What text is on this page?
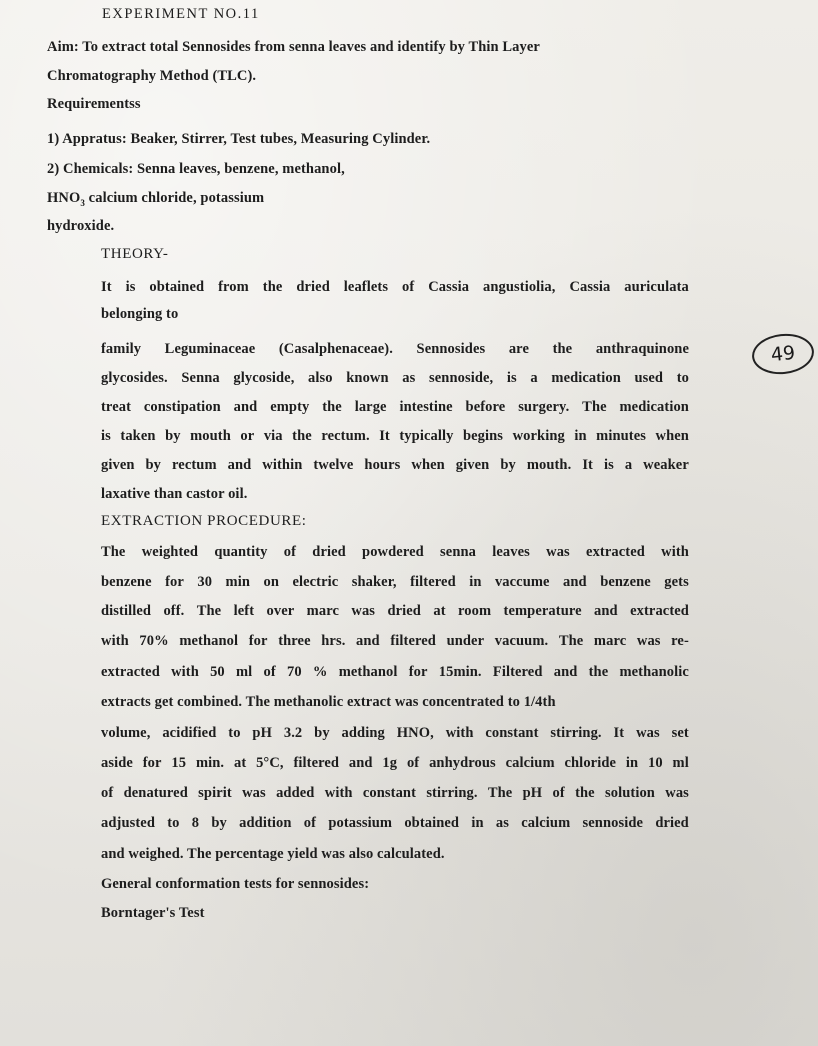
EXPERIMENT NO.11
Aim: To extract total Sennosides from senna leaves and identify by Thin Layer
Chromatography Method (TLC).
Requirementss
1) Appratus: Beaker, Stirrer, Test tubes, Measuring Cylinder.
2) Chemicals: Senna leaves, benzene, methanol,
$HNO_3$ calcium chloride, potassium
hydroxide.
THEORY-
It is obtained from the dried leaflets of Cassia angustiolia, Cassia auriculata
belonging to
family Leguminaceae (Casalphenaceae). Sennosides are the anthraquinone
glycosides. Senna glycoside, also known as sennoside, is a medication used to
treat constipation and empty the large intestine before surgery. The medication
is taken by mouth or via the rectum. It typically begins working in minutes when
given by rectum and within twelve hours when given by mouth. It is a weaker
laxative than castor oil.
EXTRACTION PROCEDURE:
The weighted quantity of dried powdered senna leaves was extracted with
benzene for 30 min on electric shaker, filtered in vaccume and benzene gets
distilled off. The left over marc was dried at room temperature and extracted
with 70% methanol for three hrs. and filtered under vacuum. The marc was re-
extracted with 50 ml of 70 % methanol for 15min. Filtered and the methanolic
extracts get combined. The methanolic extract was concentrated to 1/4th
volume, acidified to pH 3.2 by adding HNO, with constant stirring. It was set
aside for 15 min. at 5°C, filtered and 1g of anhydrous calcium chloride in 10 ml
of denatured spirit was added with constant stirring. The pH of the solution was
adjusted to 8 by addition of potassium obtained in as calcium sennoside dried
and weighed. The percentage yield was also calculated.
General conformation tests for sennosides:
Borntager's Test
49
